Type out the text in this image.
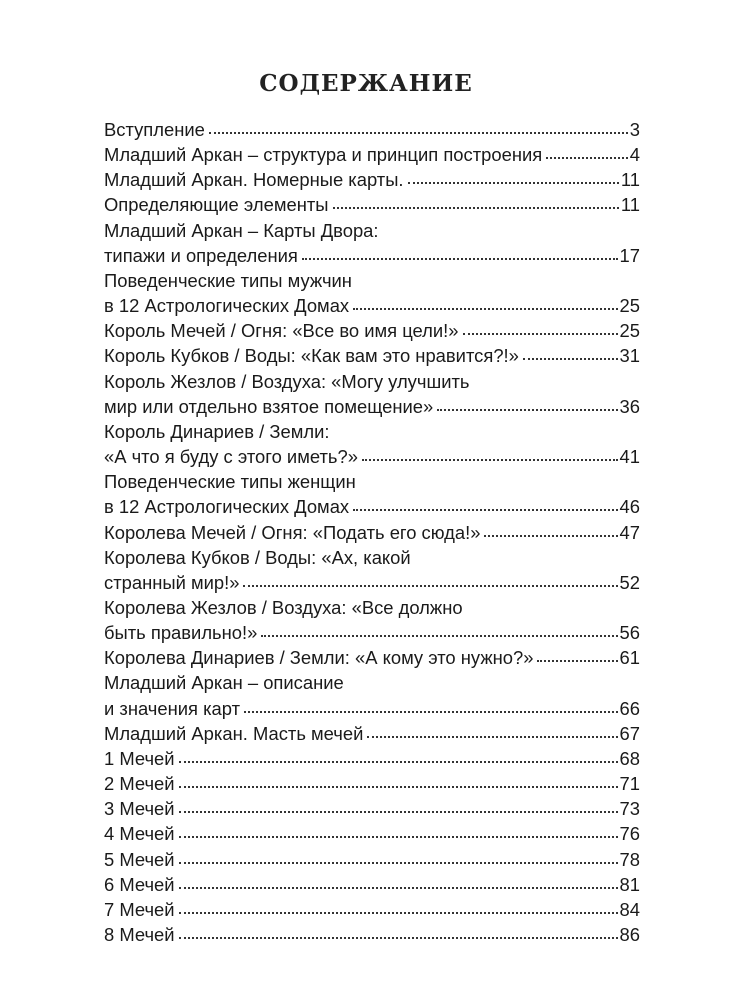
СОДЕРЖАНИЕ
Вступление	3
Младший Аркан – структура и принцип построения	4
Младший Аркан. Номерные карты.	11
Определяющие элементы	11
Младший Аркан – Карты Двора:
типажи и определения	17
Поведенческие типы мужчин
в 12 Астрологических Домах	25
Король Мечей / Огня: «Все во имя цели!»	25
Король Кубков / Воды: «Как вам это нравится?!»	31
Король Жезлов / Воздуха: «Могу улучшить
мир или отдельно взятое помещение»	36
Король Динариев / Земли:
«А что я буду с этого иметь?»	41
Поведенческие типы женщин
в 12 Астрологических Домах	46
Королева Мечей / Огня: «Подать его сюда!»	47
Королева Кубков / Воды: «Ах, какой
странный мир!»	52
Королева Жезлов / Воздуха: «Все должно
быть правильно!»	56
Королева Динариев / Земли: «А кому это нужно?»	61
Младший Аркан – описание
и значения карт	66
Младший Аркан. Масть мечей	67
1 Мечей	68
2 Мечей	71
3 Мечей	73
4 Мечей	76
5 Мечей	78
6 Мечей	81
7 Мечей	84
8 Мечей	86
